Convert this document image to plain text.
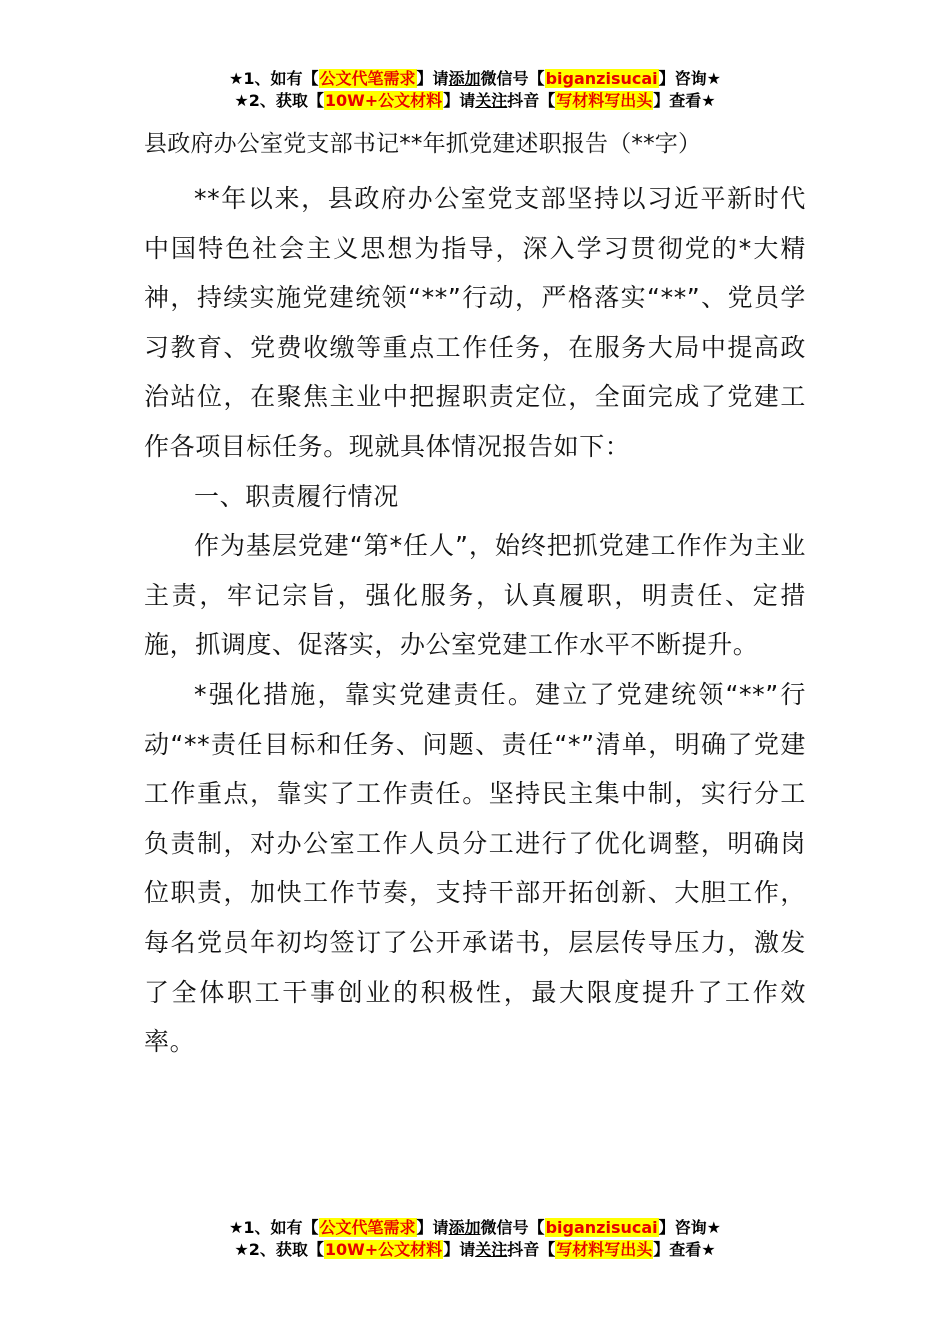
★1、如有【公文代笔需求】请添加微信号【biganzisucai】咨询★
★2、获取【10W+公文材料】请关注抖音【写材料写出头】查看★
县政府办公室党支部书记**年抓党建述职报告（**字）

**年以来，县政府办公室党支部坚持以习近平新时代中国特色社会主义思想为指导，深入学习贯彻党的*大精神，持续实施党建统领“**”行动，严格落实“**”、党员学习教育、党费收缴等重点工作任务，在服务大局中提高政治站位，在聚焦主业中把握职责定位，全面完成了党建工作各项目标任务。现就具体情况报告如下：

一、职责履行情况

作为基层党建“第*任人”，始终把抓党建工作作为主业主责，牢记宗旨，强化服务，认真履职，明责任、定措施，抓调度、促落实，办公室党建工作水平不断提升。

*强化措施，靠实党建责任。建立了党建统领“**”行动“**责任目标和任务、问题、责任“*”清单，明确了党建工作重点，靠实了工作责任。坚持民主集中制，实行分工负责制，对办公室工作人员分工进行了优化调整，明确岗位职责，加快工作节奏，支持干部开拓创新、大胆工作，每名党员年初均签订了公开承诺书，层层传导压力，激发了全体职工干事创业的积极性，最大限度提升了工作效率。

★1、如有【公文代笔需求】请添加微信号【biganzisucai】咨询★
★2、获取【10W+公文材料】请关注抖音【写材料写出头】查看★
